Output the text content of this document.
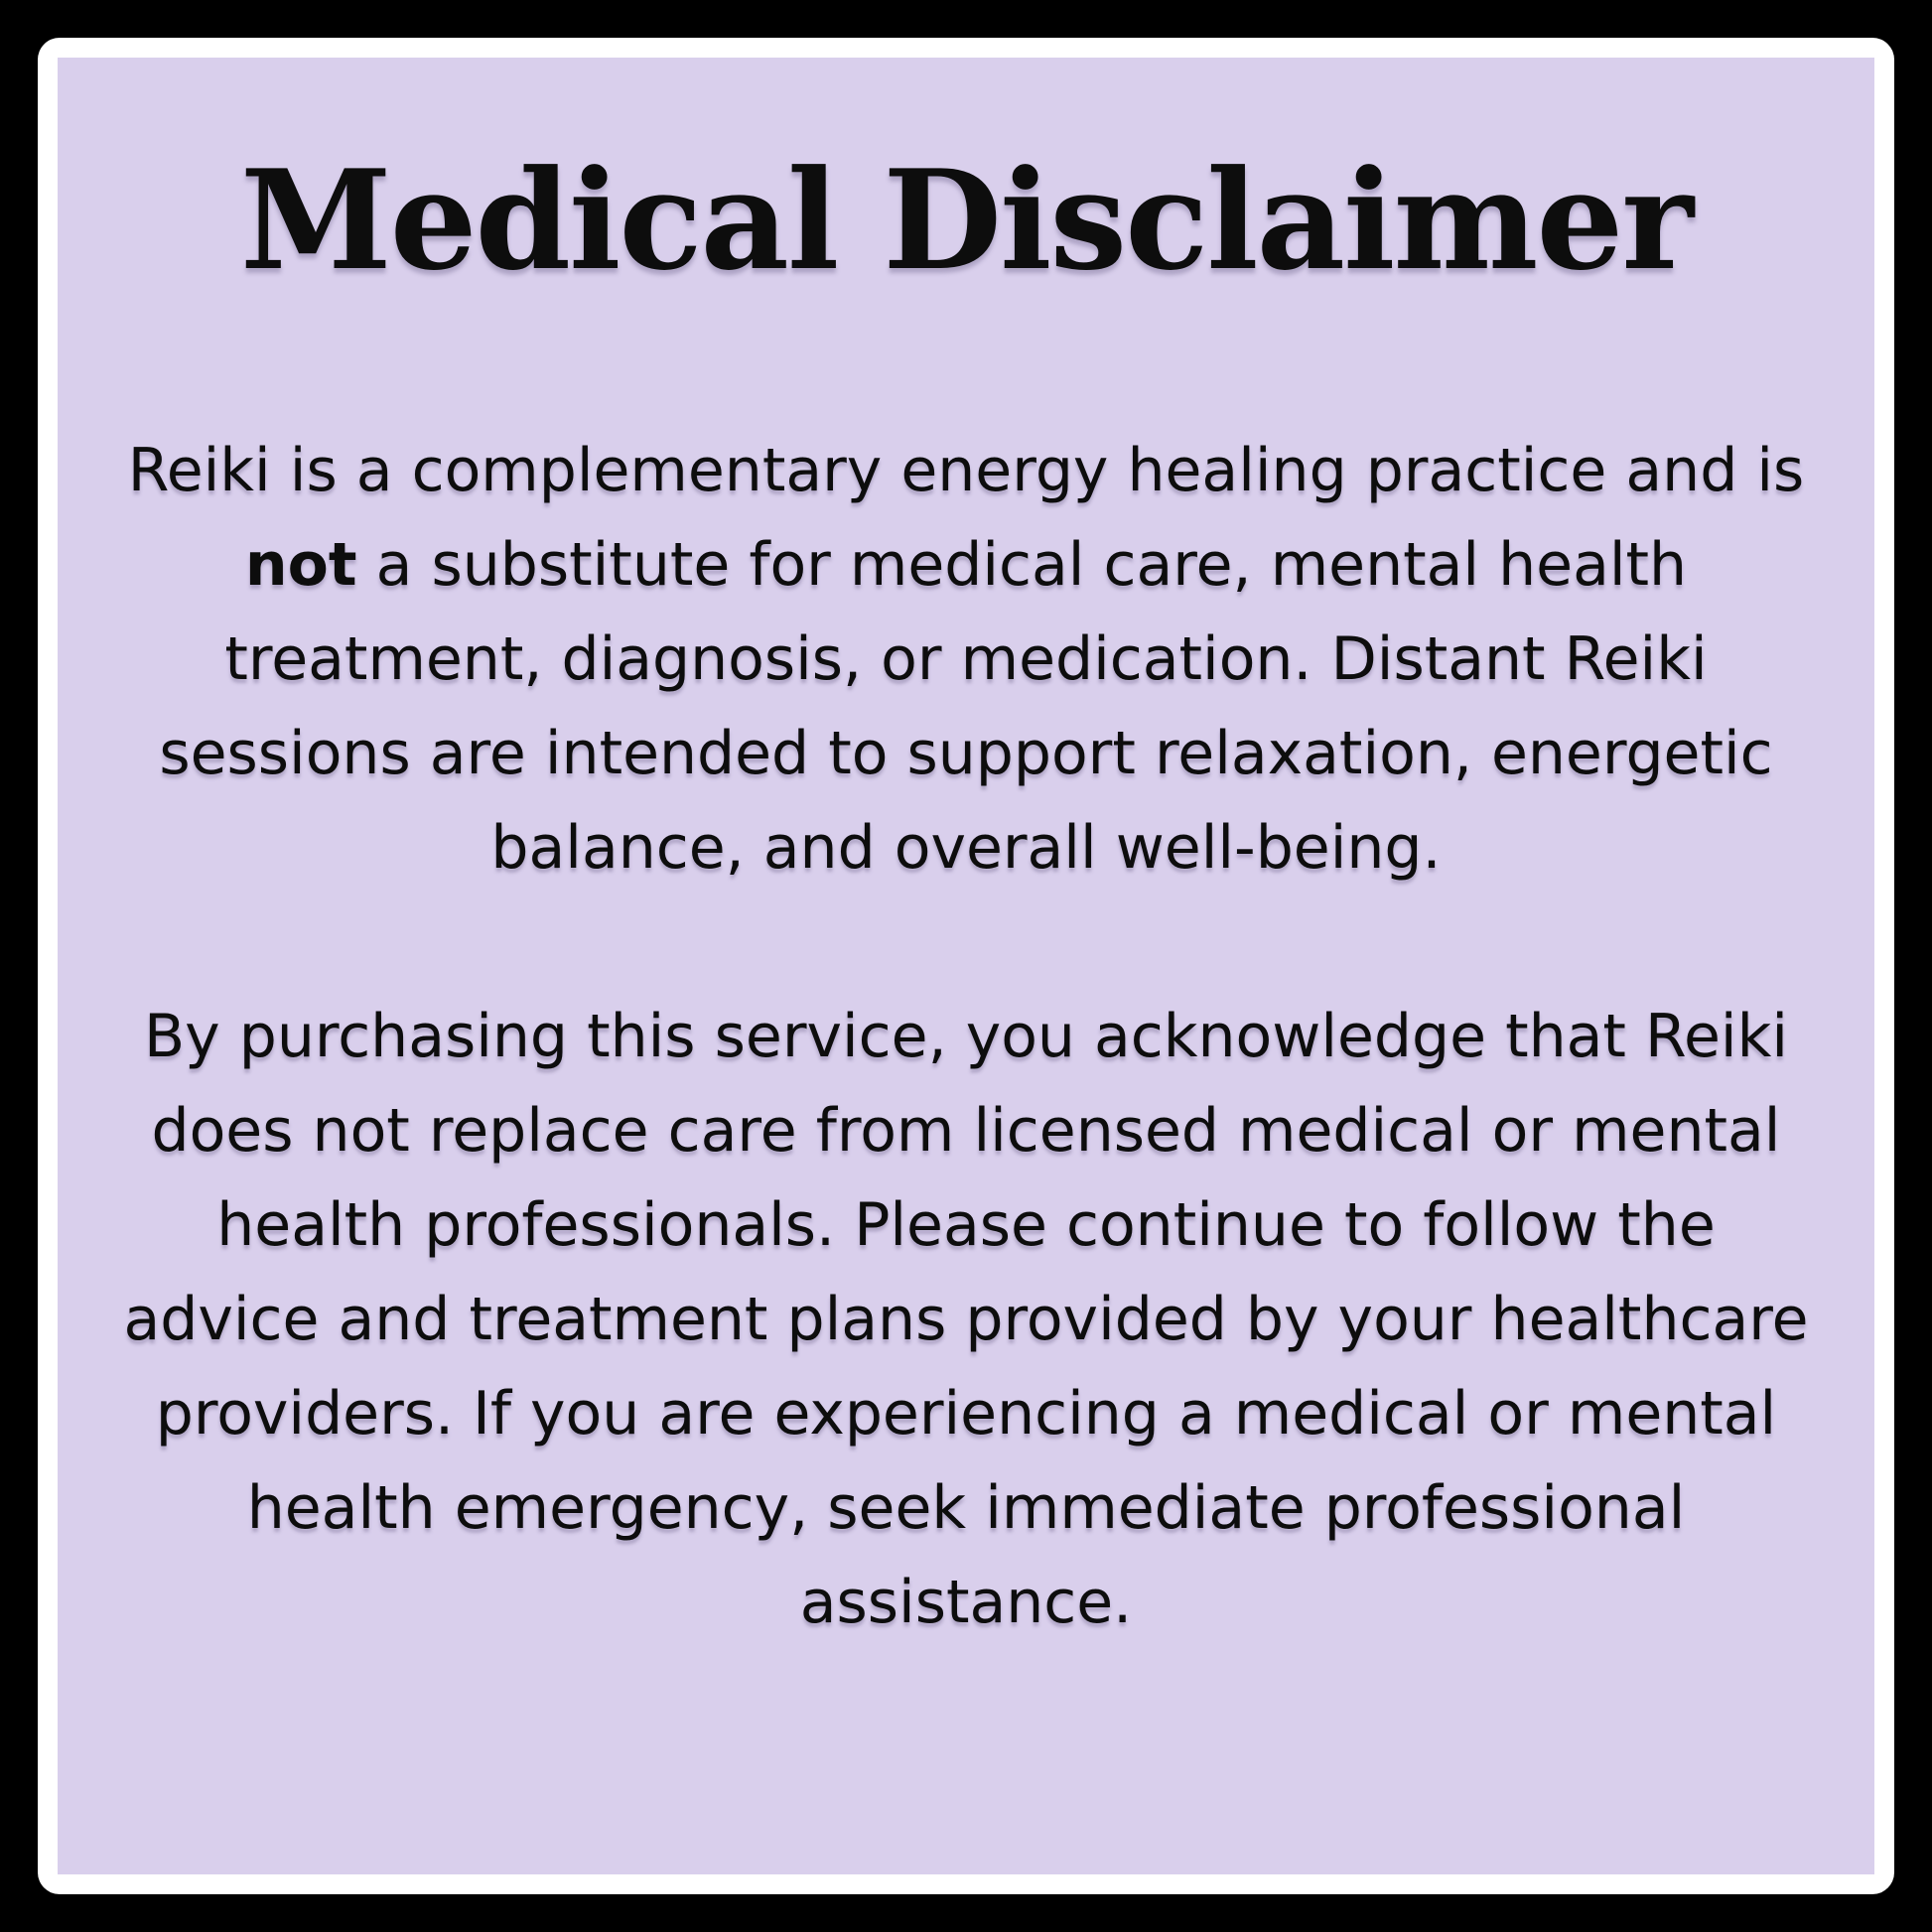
Medical Disclaimer

Reiki is a complementary energy healing practice and is not a substitute for medical care, mental health treatment, diagnosis, or medication. Distant Reiki sessions are intended to support relaxation, energetic balance, and overall well-being.

By purchasing this service, you acknowledge that Reiki does not replace care from licensed medical or mental health professionals. Please continue to follow the advice and treatment plans provided by your healthcare providers. If you are experiencing a medical or mental health emergency, seek immediate professional assistance.
